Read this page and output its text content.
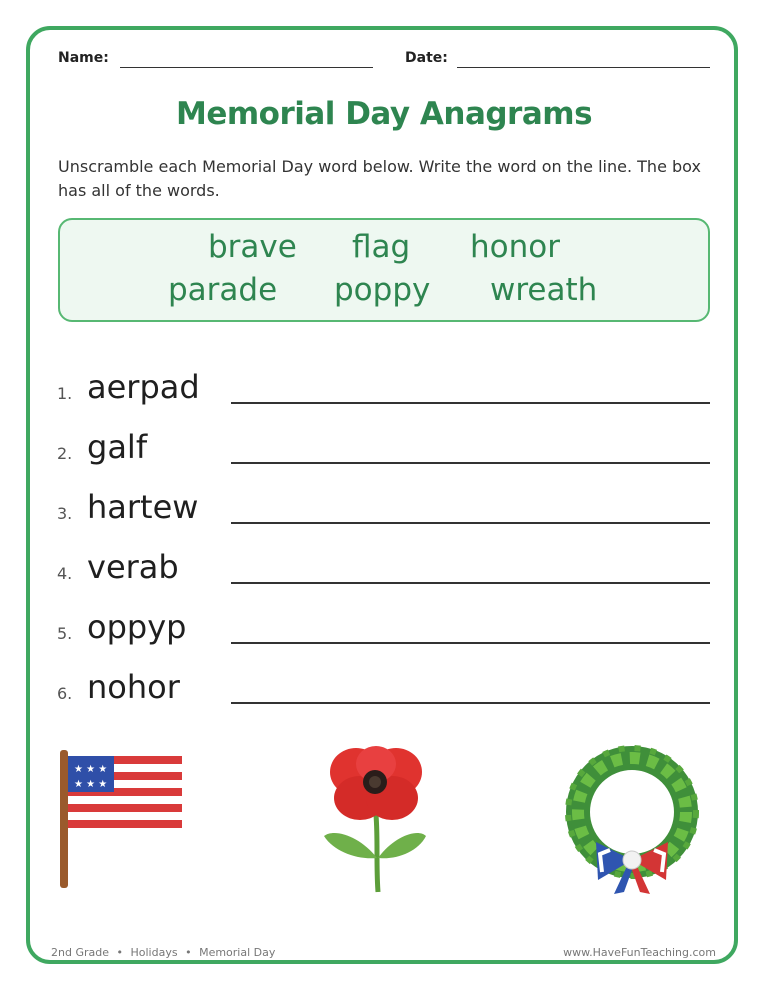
Name:	Date:
Memorial Day Anagrams
Unscramble each Memorial Day word below. Write the word on the line. The box has all of the words.
brave flag honor
parade poppy wreath
1. aerpad
2. galf
3. hartew
4. verab
5. oppyp
6. nohor
★ ★ ★
★ ★ ★
2nd Grade • Holidays • Memorial Day	www.HaveFunTeaching.com
